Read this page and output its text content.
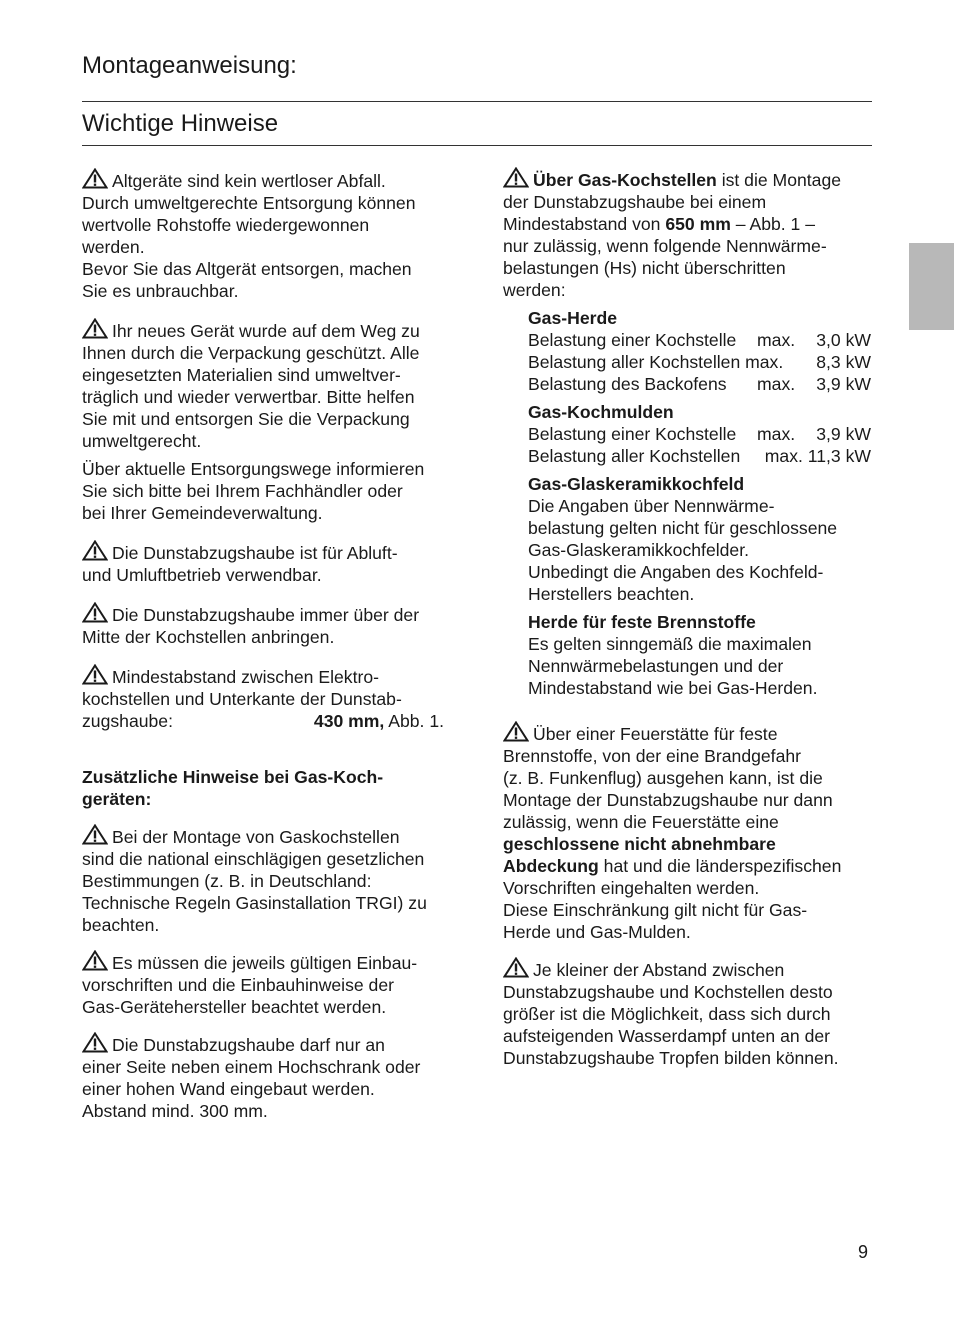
Montageanweisung:
Wichtige Hinweise

Altgeräte sind kein wertloser Abfall.

Durch umweltgerechte Entsorgung können

wertvolle Rohstoffe wiedergewonnen

werden.

Bevor Sie das Altgerät entsorgen, machen

Sie es unbrauchbar.

Ihr neues Gerät wurde auf dem Weg zu

Ihnen durch die Verpackung geschützt. Alle

eingesetzten Materialien sind umweltver-

träglich und wieder verwertbar. Bitte helfen

Sie mit und entsorgen Sie die Verpackung

umweltgerecht.

Über aktuelle Entsorgungswege informieren

Sie sich bitte bei Ihrem Fachhändler oder

bei Ihrer Gemeindeverwaltung.

Die Dunstabzugshaube ist für Abluft-

und Umluftbetrieb verwendbar.

Die Dunstabzugshaube immer über der

Mitte der Kochstellen anbringen.

Mindestabstand zwischen Elektro-

kochstellen und Unterkante der Dunstab-

zugshaube:	430 mm, Abb. 1.

Zusätzliche Hinweise bei Gas-Koch-

geräten:

Bei der Montage von Gaskochstellen

sind die national einschlägigen gesetzlichen

Bestimmungen (z. B. in Deutschland:

Technische Regeln Gasinstallation TRGI) zu

beachten.

Es müssen die jeweils gültigen Einbau-

vorschriften und die Einbauhinweise der

Gas-Gerätehersteller beachtet werden.

Die Dunstabzugshaube darf nur an

einer Seite neben einem Hochschrank oder

einer hohen Wand eingebaut werden.

Abstand mind. 300 mm.

Über Gas-Kochstellen ist die Montage

der Dunstabzugshaube bei einem

Mindestabstand von 650 mm – Abb. 1 –

nur zulässig, wenn folgende Nennwärme-

belastungen (Hs) nicht überschritten

werden:

Gas-Herde

Belastung einer Kochstelle	max.	3,0 kW
Belastung aller Kochstellen max.	8,3 kW
Belastung des Backofens	max.	3,9 kW

Gas-Kochmulden

Belastung einer Kochstelle	max.	3,9 kW
Belastung aller Kochstellen	max. 11,3 kW

Gas-Glaskeramikkochfeld

Die Angaben über Nennwärme-

belastung gelten nicht für geschlossene

Gas-Glaskeramikkochfelder.

Unbedingt die Angaben des Kochfeld-

Herstellers beachten.

Herde für feste Brennstoffe

Es gelten sinngemäß die maximalen

Nennwärmebelastungen und der

Mindestabstand wie bei Gas-Herden.

Über einer Feuerstätte für feste

Brennstoffe, von der eine Brandgefahr

(z. B. Funkenflug) ausgehen kann, ist die

Montage der Dunstabzugshaube nur dann

zulässig, wenn die Feuerstätte eine

geschlossene nicht abnehmbare

Abdeckung hat und die länderspezifischen

Vorschriften eingehalten werden.

Diese Einschränkung gilt nicht für Gas-

Herde und Gas-Mulden.

Je kleiner der Abstand zwischen

Dunstabzugshaube und Kochstellen desto

größer ist die Möglichkeit, dass sich durch

aufsteigenden Wasserdampf unten an der

Dunstabzugshaube Tropfen bilden können.

9
